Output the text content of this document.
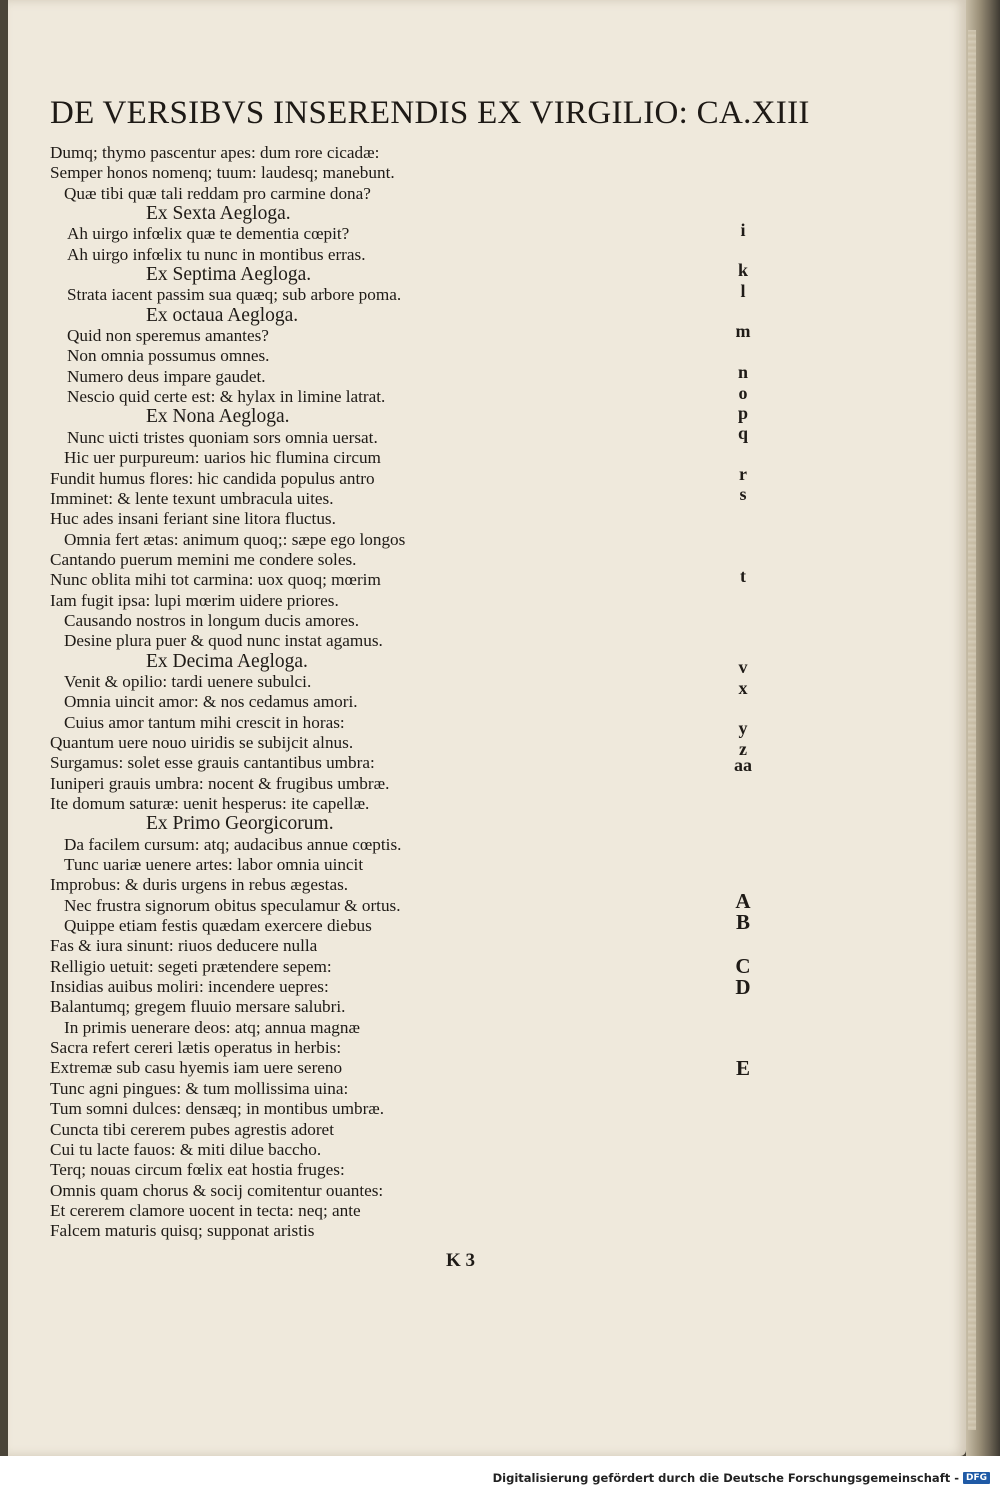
DE VERSIBVS INSERENDIS EX VIRGILIO: CA.XIII
Dumq; thymo pascentur apes: dum rore cicadæ:
Semper honos nomenq; tuum: laudesq; manebunt.
Quæ tibi quæ tali reddam pro carmine dona?
Ex Sexta Aegloga.
Ah uirgo infœlix quæ te dementia cœpit?
Ah uirgo infœlix tu nunc in montibus erras.
Ex Septima Aegloga.
Strata iacent passim sua quæq; sub arbore poma.
Ex octaua Aegloga.
Quid non speremus amantes?
Non omnia possumus omnes.
Numero deus impare gaudet.
Nescio quid certe est: & hylax in limine latrat.
Ex Nona Aegloga.
Nunc uicti tristes quoniam sors omnia uersat.
Hic uer purpureum: uarios hic flumina circum
Fundit humus flores: hic candida populus antro
Imminet: & lente texunt umbracula uites.
Huc ades insani feriant sine litora fluctus.
Omnia fert ætas: animum quoq;: sæpe ego longos
Cantando puerum memini me condere soles.
Nunc oblita mihi tot carmina: uox quoq; mœrim
Iam fugit ipsa: lupi mœrim uidere priores.
Causando nostros in longum ducis amores.
Desine plura puer & quod nunc instat agamus.
Ex Decima Aegloga.
Venit & opilio: tardi uenere subulci.
Omnia uincit amor: & nos cedamus amori.
Cuius amor tantum mihi crescit in horas:
Quantum uere nouo uiridis se subijcit alnus.
Surgamus: solet esse grauis cantantibus umbra:
Iuniperi grauis umbra: nocent & frugibus umbræ.
Ite domum saturæ: uenit hesperus: ite capellæ.
Ex Primo Georgicorum.
Da facilem cursum: atq; audacibus annue cœptis.
Tunc uariæ uenere artes: labor omnia uincit
Improbus: & duris urgens in rebus ægestas.
Nec frustra signorum obitus speculamur & ortus.
Quippe etiam festis quædam exercere diebus
Fas & iura sinunt: riuos deducere nulla
Relligio uetuit: segeti prætendere sepem:
Insidias auibus moliri: incendere uepres:
Balantumq; gregem fluuio mersare salubri.
In primis uenerare deos: atq; annua magnæ
Sacra refert cereri lætis operatus in herbis:
Extremæ sub casu hyemis iam uere sereno
Tunc agni pingues: & tum mollissima uina:
Tum somni dulces: densæq; in montibus umbræ.
Cuncta tibi cererem pubes agrestis adoret
Cui tu lacte fauos: & miti dilue baccho.
Terq; nouas circum fœlix eat hostia fruges:
Omnis quam chorus & socij comitentur ouantes:
Et cererem clamore uocent in tecta: neq; ante
Falcem maturis quisq; supponat aristis
i
k
l
m
n
o
p
q
r
s
t
v
x
y
z
aa
A
B
C
D
E
K 3
Digitalisierung gefördert durch die Deutsche Forschungsgemeinschaft - DFG
